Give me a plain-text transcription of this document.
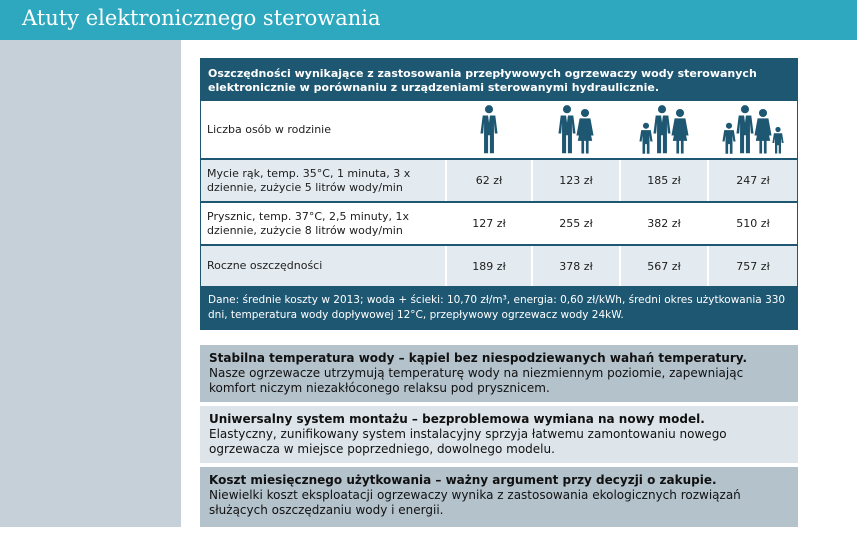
Atuty elektronicznego sterowania
Oszczędności wynikające z zastosowania przepływowych ogrzewaczy wody sterowanych elektronicznie w porównaniu z urządzeniami sterowanymi hydraulicznie.
Liczba osób w rodzinie
Mycie rąk, temp. 35°C, 1 minuta, 3 x dziennie, zużycie 5 litrów wody/min	62 zł	123 zł	185 zł	247 zł
Prysznic, temp. 37°C, 2,5 minuty, 1x dziennie, zużycie 8 litrów wody/min	127 zł	255 zł	382 zł	510 zł
Roczne oszczędności	189 zł	378 zł	567 zł	757 zł
Dane: średnie koszty w 2013; woda + ścieki: 10,70 zł/m³, energia: 0,60 zł/kWh, średni okres użytkowania 330 dni, temperatura wody dopływowej 12°C, przepływowy ogrzewacz wody 24kW.
Stabilna temperatura wody – kąpiel bez niespodziewanych wahań temperatury.
Nasze ogrzewacze utrzymują temperaturę wody na niezmiennym poziomie, zapewniając komfort niczym niezakłóconego relaksu pod prysznicem.
Uniwersalny system montażu – bezproblemowa wymiana na nowy model.
Elastyczny, zunifikowany system instalacyjny sprzyja łatwemu zamontowaniu nowego ogrzewacza w miejsce poprzedniego, dowolnego modelu.
Koszt miesięcznego użytkowania – ważny argument przy decyzji o zakupie.
Niewielki koszt eksploatacji ogrzewaczy wynika z zastosowania ekologicznych rozwiązań służących oszczędzaniu wody i energii.
